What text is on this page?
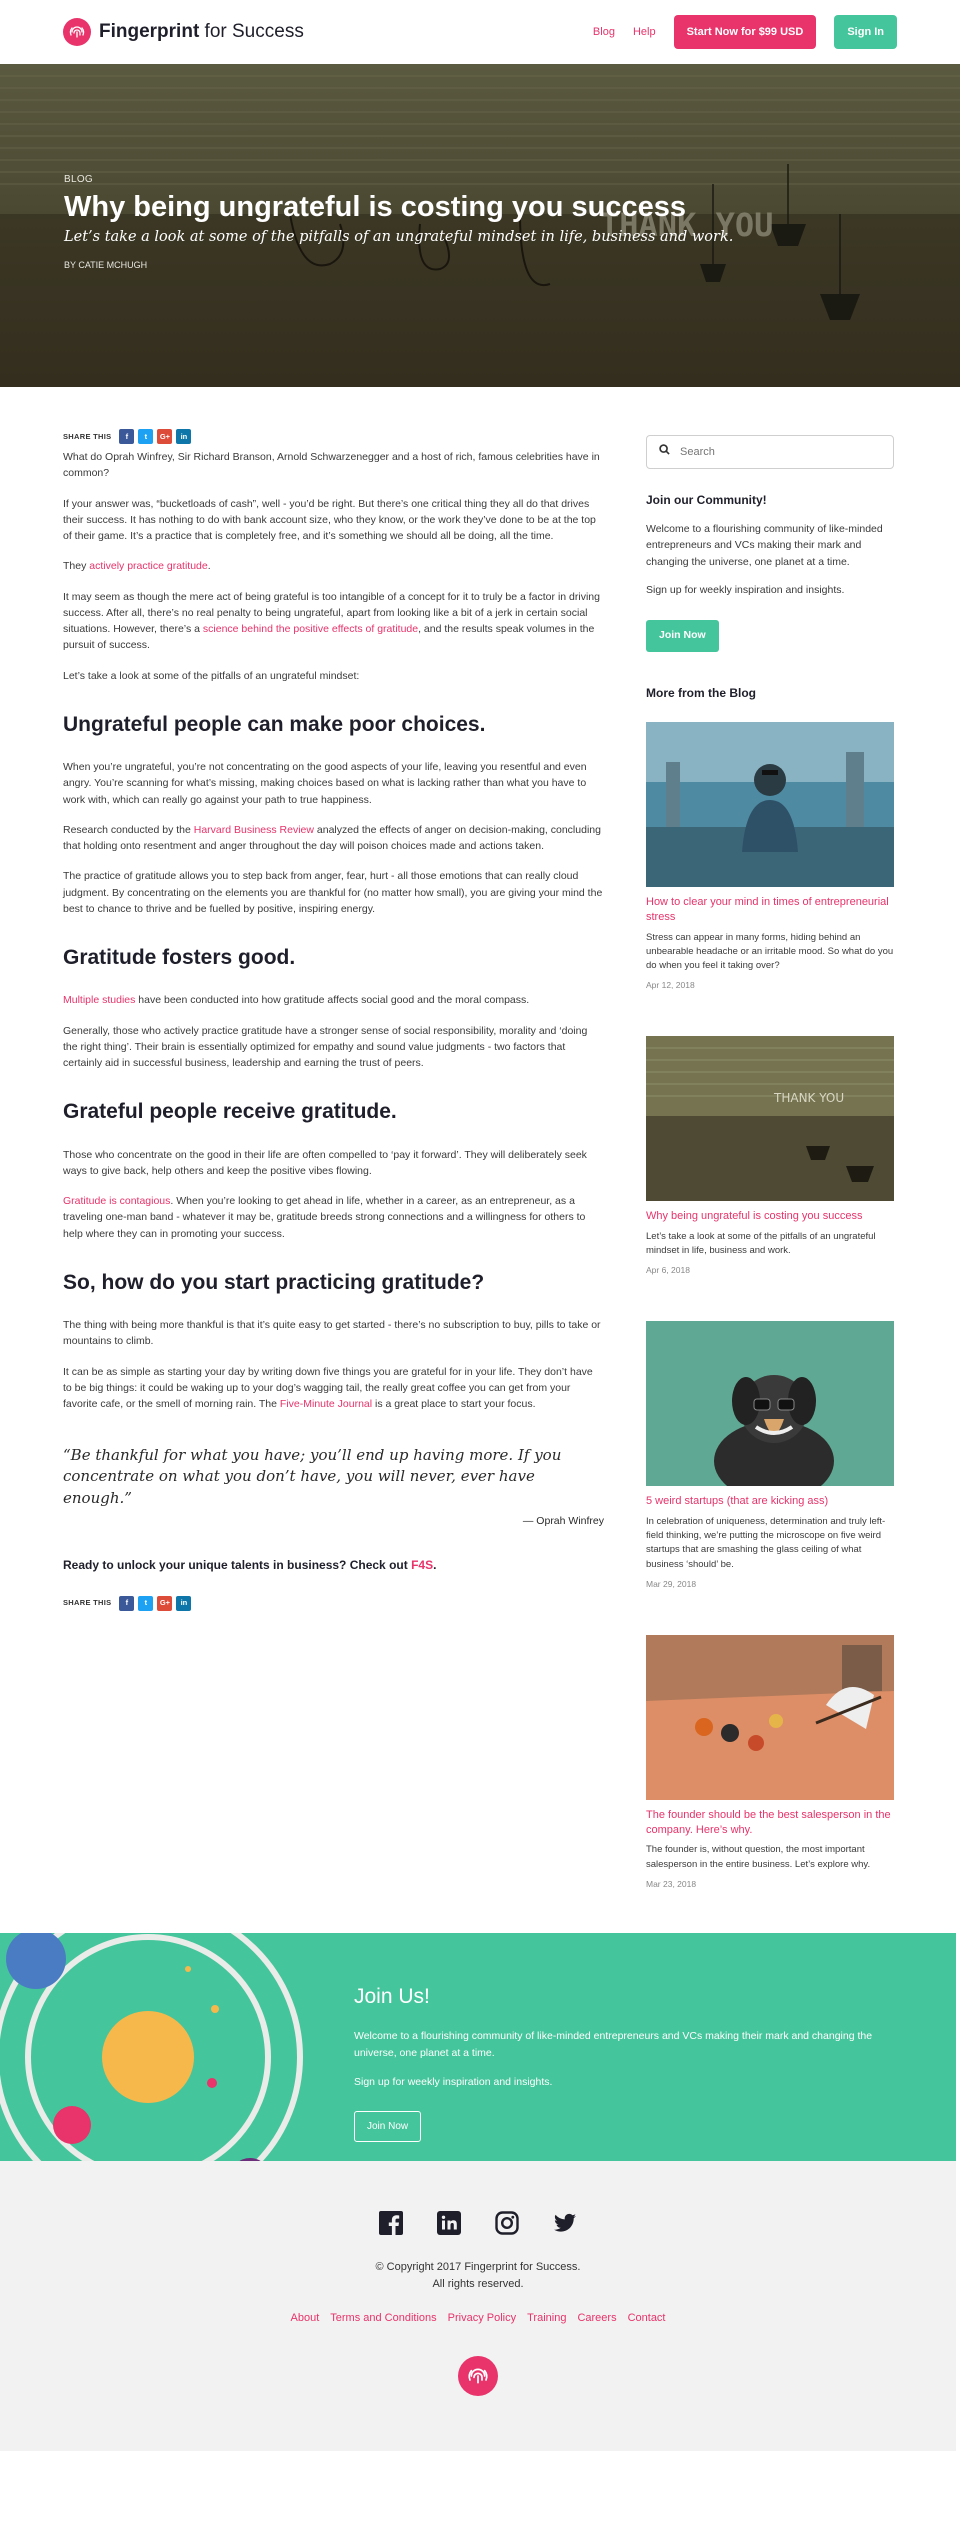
Fingerprint for Success	Blog Help	Start Now for $99 USD	Sign In
THANK YOU
BLOG
Why being ungrateful is costing you success
Let’s take a look at some of the pitfalls of an ungrateful mindset in life, business and work.
BY CATIE MCHUGH
SHARE THIS	f	t	G+	in

What do Oprah Winfrey, Sir Richard Branson, Arnold Schwarzenegger and a host of rich, famous celebrities have in common?

If your answer was, “bucketloads of cash”, well - you’d be right. But there’s one critical thing they all do that drives their success. It has nothing to do with bank account size, who they know, or the work they’ve done to be at the top of their game. It’s a practice that is completely free, and it’s something we should all be doing, all the time.

They actively practice gratitude.

It may seem as though the mere act of being grateful is too intangible of a concept for it to truly be a factor in driving success. After all, there’s no real penalty to being ungrateful, apart from looking like a bit of a jerk in certain social situations. However, there’s a science behind the positive effects of gratitude, and the results speak volumes in the pursuit of success.

Let’s take a look at some of the pitfalls of an ungrateful mindset:

Ungrateful people can make poor choices.

When you’re ungrateful, you’re not concentrating on the good aspects of your life, leaving you resentful and even angry. You’re scanning for what’s missing, making choices based on what is lacking rather than what you have to work with, which can really go against your path to true happiness.

Research conducted by the Harvard Business Review analyzed the effects of anger on decision-making, concluding that holding onto resentment and anger throughout the day will poison choices made and actions taken.

The practice of gratitude allows you to step back from anger, fear, hurt - all those emotions that can really cloud judgment. By concentrating on the elements you are thankful for (no matter how small), you are giving your mind the best to chance to thrive and be fuelled by positive, inspiring energy.

Gratitude fosters good.

Multiple studies have been conducted into how gratitude affects social good and the moral compass.

Generally, those who actively practice gratitude have a stronger sense of social responsibility, morality and ‘doing the right thing’. Their brain is essentially optimized for empathy and sound value judgments - two factors that certainly aid in successful business, leadership and earning the trust of peers.

Grateful people receive gratitude.

Those who concentrate on the good in their life are often compelled to ‘pay it forward’. They will deliberately seek ways to give back, help others and keep the positive vibes flowing.

Gratitude is contagious. When you’re looking to get ahead in life, whether in a career, as an entrepreneur, as a traveling one-man band - whatever it may be, gratitude breeds strong connections and a willingness for others to help where they can in promoting your success.

So, how do you start practicing gratitude?

The thing with being more thankful is that it’s quite easy to get started - there’s no subscription to buy, pills to take or mountains to climb.

It can be as simple as starting your day by writing down five things you are grateful for in your life. They don’t have to be big things: it could be waking up to your dog’s wagging tail, the really great coffee you can get from your favorite cafe, or the smell of morning rain. The Five-Minute Journal is a great place to start your focus.

“Be thankful for what you have; you’ll end up having more. If you concentrate on what you don’t have, you will never, ever have enough.”
— Oprah Winfrey
Ready to unlock your unique talents in business? Check out F4S.
SHARE THIS	f	t	G+	in
Search
Join our Community!
Welcome to a flourishing community of like-minded entrepreneurs and VCs making their mark and changing the universe, one planet at a time.
Sign up for weekly inspiration and insights.
Join Now
More from the Blog
How to clear your mind in times of entrepreneurial stress
Stress can appear in many forms, hiding behind an unbearable headache or an irritable mood. So what do you do when you feel it taking over?
Apr 12, 2018
THANK YOU
Why being ungrateful is costing you success
Let’s take a look at some of the pitfalls of an ungrateful mindset in life, business and work.
Apr 6, 2018
5 weird startups (that are kicking ass)
In celebration of uniqueness, determination and truly left-field thinking, we’re putting the microscope on five weird startups that are smashing the glass ceiling of what business ‘should’ be.
Mar 29, 2018
The founder should be the best salesperson in the company. Here’s why.
The founder is, without question, the most important salesperson in the entire business. Let’s explore why.
Mar 23, 2018
Join Us!
Welcome to a flourishing community of like-minded entrepreneurs and VCs making their mark and changing the universe, one planet at a time.
Sign up for weekly inspiration and insights.
Join Now
© Copyright 2017 Fingerprint for Success.
All rights reserved.
About Terms and Conditions Privacy Policy Training Careers Contact
